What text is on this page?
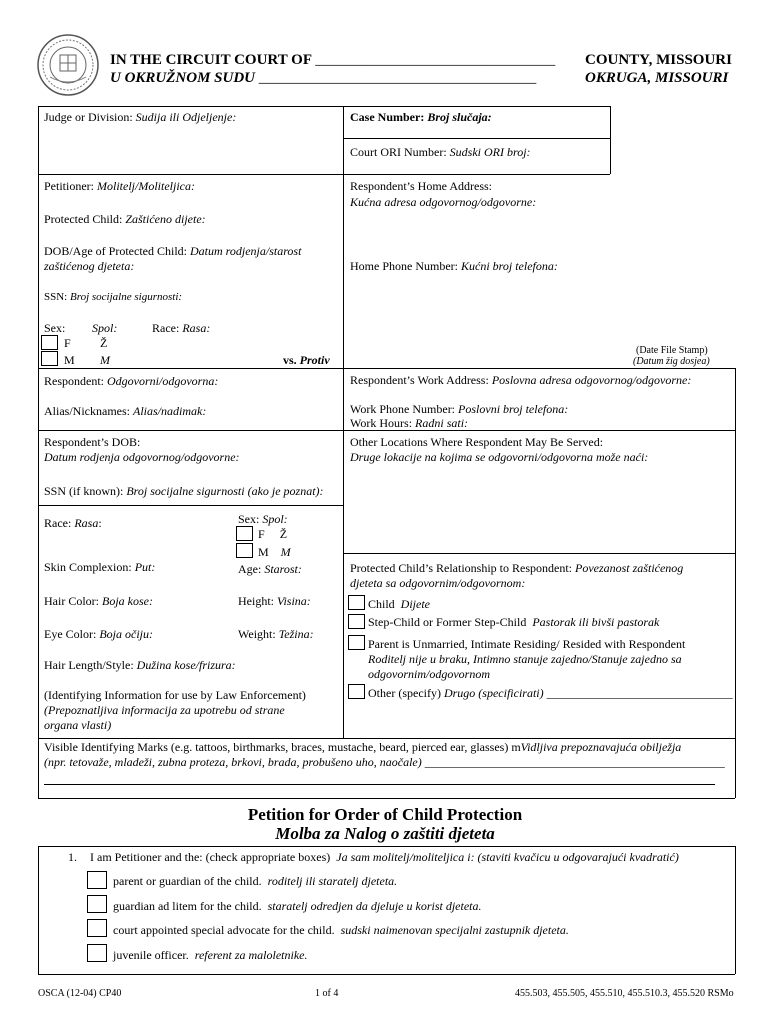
IN THE CIRCUIT COURT OF ________________________________
U OKRUŽNOM SUDU _____________________________________
COUNTY, MISSOURI
OKRUGA, MISSOURI
Judge or Division: Sudija ili Odjeljenje:	Case Number: Broj slučaja:
Court ORI Number: Sudski ORI broj:
Petitioner: Molitelj/Moliteljica:
Protected Child: Zaštićeno dijete:
DOB/Age of Protected Child: Datum rodjenja/starost
zaštićenog djeteta:
SSN: Broj socijalne sigurnosti:
Sex: Spol:	Race: Rasa:
F Ž
M M	vs. Protiv
Respondent’s Home Address:
Kućna adresa odgovornog/odgovorne:
Home Phone Number: Kućni broj telefona:
(Date File Stamp)
(Datum žig dosjea)
Respondent: Odgovorni/odgovorna:
Alias/Nicknames: Alias/nadimak:
Respondent’s DOB:
Datum rodjenja odgovornog/odgovorne:
SSN (if known): Broj socijalne sigurnosti (ako je poznat):
Race: Rasa:	Sex: Spol:
F Ž
M M
Skin Complexion: Put:	Age: Starost:
Hair Color: Boja kose:	Height: Visina:
Eye Color: Boja očiju:	Weight: Težina:
Hair Length/Style: Dužina kose/frizura:
(Identifying Information for use by Law Enforcement)
(Prepoznatljiva informacija za upotrebu od strane
organa vlasti)
Respondent’s Work Address: Poslovna adresa odgovornog/odgovorne:
Work Phone Number: Poslovni broj telefona:
Work Hours: Radni sati:
Other Locations Where Respondent May Be Served:
Druge lokacije na kojima se odgovorni/odgovorna može naći:
Protected Child’s Relationship to Respondent: Povezanost zaštićenog
djeteta sa odgovornim/odgovornom:
Child Dijete
Step-Child or Former Step-Child Pastorak ili bivši pastorak
Parent is Unmarried, Intimate Residing/ Resided with Respondent
Roditelj nije u braku, Intimno stanuje zajedno/Stanuje zajedno sa
odgovornim/odgovornom
Other (specify) Drugo (specificirati) _______________________________
Visible Identifying Marks (e.g. tattoos, birthmarks, braces, mustache, beard, pierced ear, glasses) mVidljiva prepoznavajuća obilježja
(npr. tetovaže, mladeži, zubna proteza, brkovi, brada, probušeno uho, naočale) __________________________________________________
Petition for Order of Child Protection
Molba za Nalog o zaštiti djeteta
1. I am Petitioner and the: (check appropriate boxes) Ja sam molitelj/moliteljica i: (staviti kvačicu u odgovarajući kvadratić)
parent or guardian of the child. roditelj ili staratelj djeteta.
guardian ad litem for the child. staratelj odredjen da djeluje u korist djeteta.
court appointed special advocate for the child. sudski naimenovan specijalni zastupnik djeteta.
juvenile officer. referent za maloletnike.
OSCA (12-04) CP40	1 of 4	455.503, 455.505, 455.510, 455.510.3, 455.520 RSMo
